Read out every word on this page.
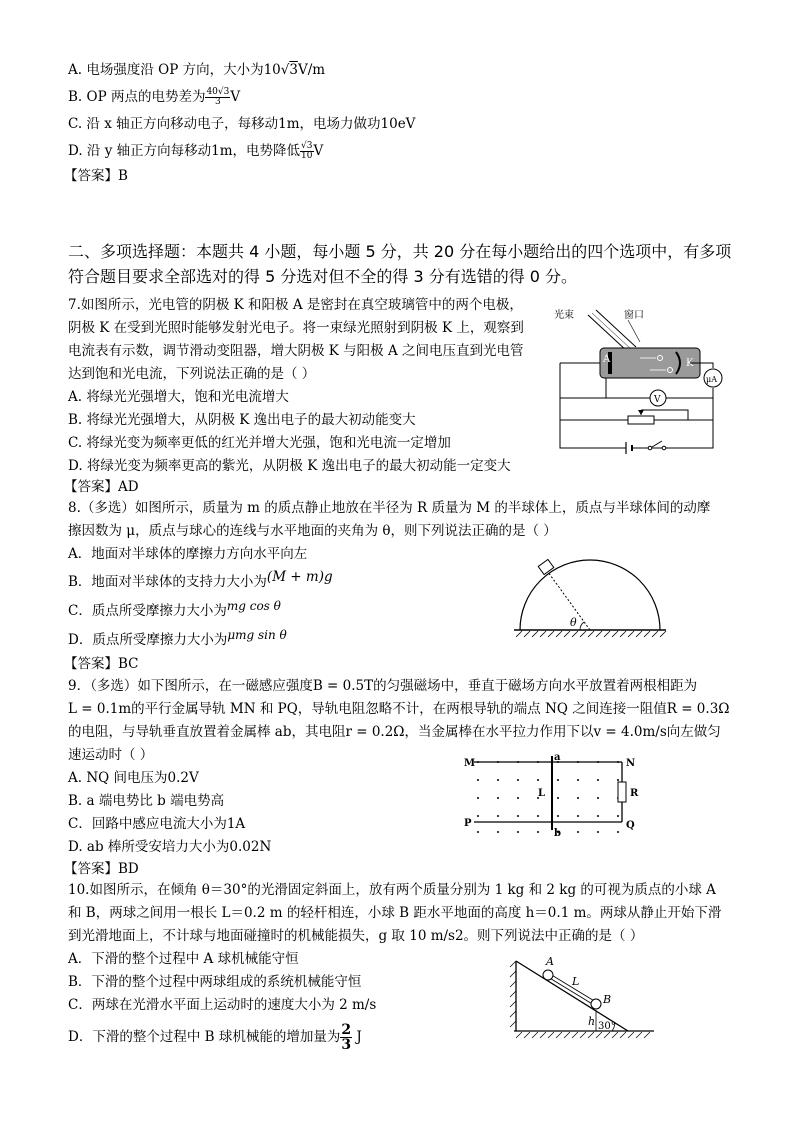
A. 电场强度沿 OP 方向，大小为10√3V/m
B. OP 两点的电势差为 $\frac{40√3}{3}$ V
C. 沿 x 轴正方向移动电子，每移动1m，电场力做功10eV
D. 沿 y 轴正方向每移动1m，电势降低 $\frac{√3}{10}$ V
【答案】B
二、多项选择题：本题共 4 小题，每小题 5 分，共 20 分在每小题给出的四个选项中，有多项
符合题目要求全部选对的得 5 分选对但不全的得 3 分有选错的得 0 分。
7.如图所示，光电管的阴极 K 和阳极 A 是密封在真空玻璃管中的两个电极，
阴极 K 在受到光照时能够发射光电子。将一束绿光照射到阴极 K 上，观察到
电流表有示数，调节滑动变阻器，增大阴极 K 与阳极 A 之间电压直到光电管
达到饱和光电流，下列说法正确的是（ ）
A. 将绿光光强增大，饱和光电流增大
B. 将绿光光强增大，从阴极 K 逸出电子的最大初动能变大
C. 将绿光变为频率更低的红光并增大光强，饱和光电流一定增加
D. 将绿光变为频率更高的紫光，从阴极 K 逸出电子的最大初动能一定变大
【答案】AD
光束	窗口
A	K
μA
V
8.（多选）如图所示，质量为 m 的质点静止地放在半径为 R 质量为 M 的半球体上，质点与半球体间的动摩
擦因数为 μ，质点与球心的连线与水平地面的夹角为 θ，则下列说法正确的是（ ）
A．地面对半球体的摩擦力方向水平向左
B．地面对半球体的支持力大小为(M + m)g
C．质点所受摩擦力大小为mg cos θ
D．质点所受摩擦力大小为μmg sin θ
【答案】BC
θ
9．（多选）如下图所示，在一磁感应强度B = 0.5T的匀强磁场中，垂直于磁场方向水平放置着两根相距为
L = 0.1m的平行金属导轨 MN 和 PQ，导轨电阻忽略不计，在两根导轨的端点 NQ 之间连接一阻值R = 0.3Ω
的电阻，与导轨垂直放置着金属棒 ab，其电阻r = 0.2Ω，当金属棒在水平拉力作用下以v = 4.0m/s向左做匀
速运动时（ ）
A. NQ 间电压为0.2V
B. a 端电势比 b 端电势高
C．回路中感应电流大小为1A
D. ab 棒所受安培力大小为0.02N
【答案】BD
R
a
b
M
P
N
Q
L
10.如图所示，在倾角 θ＝30°的光滑固定斜面上，放有两个质量分别为 1 kg 和 2 kg 的可视为质点的小球 A
和 B，两球之间用一根长 L＝0.2 m 的轻杆相连，小球 B 距水平地面的高度 h＝0.1 m。两球从静止开始下滑
到光滑地面上，不计球与地面碰撞时的机械能损失，g 取 10 m/s2。则下列说法中正确的是（ ）
A．下滑的整个过程中 A 球机械能守恒
B．下滑的整个过程中两球组成的系统机械能守恒
C．两球在光滑水平面上运动时的速度大小为 2 m/s
D．下滑的整个过程中 B 球机械能的增加量为 $\frac{2}{3}$ J
A
B
L
h 30°
